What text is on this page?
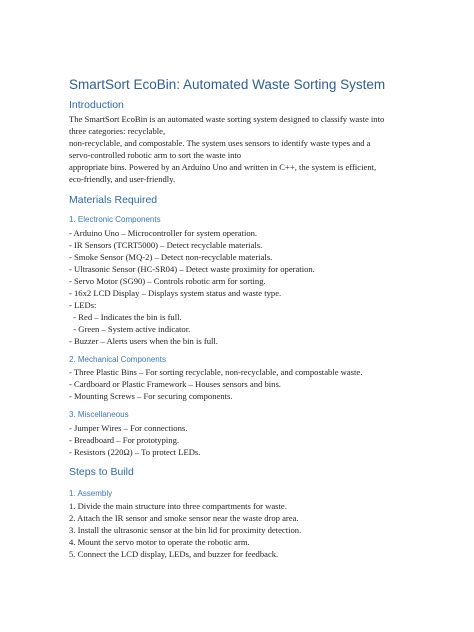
SmartSort EcoBin: Automated Waste Sorting System
Introduction
The SmartSort EcoBin is an automated waste sorting system designed to classify waste into
three categories: recyclable,
non-recyclable, and compostable. The system uses sensors to identify waste types and a
servo-controlled robotic arm to sort the waste into
appropriate bins. Powered by an Arduino Uno and written in C++, the system is efficient,
eco-friendly, and user-friendly.
Materials Required
1. Electronic Components
- Arduino Uno – Microcontroller for system operation.
- IR Sensors (TCRT5000) – Detect recyclable materials.
- Smoke Sensor (MQ-2) – Detect non-recyclable materials.
- Ultrasonic Sensor (HC-SR04) – Detect waste proximity for operation.
- Servo Motor (SG90) – Controls robotic arm for sorting.
- 16x2 LCD Display – Displays system status and waste type.
- LEDs:
- Red – Indicates the bin is full.
- Green – System active indicator.
- Buzzer – Alerts users when the bin is full.
2. Mechanical Components
- Three Plastic Bins – For sorting recyclable, non-recyclable, and compostable waste.
- Cardboard or Plastic Framework – Houses sensors and bins.
- Mounting Screws – For securing components.
3. Miscellaneous
- Jumper Wires – For connections.
- Breadboard – For prototyping.
- Resistors (220Ω) – To protect LEDs.
Steps to Build
1. Assembly
1. Divide the main structure into three compartments for waste.
2. Attach the IR sensor and smoke sensor near the waste drop area.
3. Install the ultrasonic sensor at the bin lid for proximity detection.
4. Mount the servo motor to operate the robotic arm.
5. Connect the LCD display, LEDs, and buzzer for feedback.
